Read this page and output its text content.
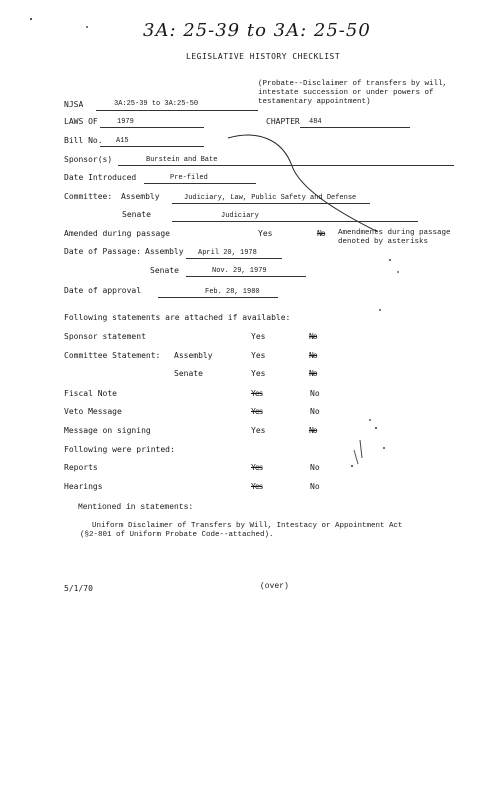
3A: 25-39 to 3A: 25-50
LEGISLATIVE HISTORY CHECKLIST
(Probate--Disclaimer of transfers by will, intestate succession or under powers of testamentary appointment)
NJSA	3A:25-39 to 3A:25-50
LAWS OF	1979	CHAPTER 484
Bill No. A15
Sponsor(s)	Burstein and Bate
Date Introduced	Pre-filed
Committee: Assembly	Judiciary, Law, Public Safety and Defense
Senate	Judiciary
Amended during passage	Yes	No Amendments during passage denoted by asterisks
Date of Passage: Assembly April 20, 1978
Senate	Nov. 29, 1979
Date of approval	Feb. 28, 1980
Following statements are attached if available:
Sponsor statement	Yes	No
Committee Statement: Assembly	Yes	No
Senate	Yes	No
Fiscal Note	Yes	No
Veto Message	Yes	No
Message on signing	Yes	No
Following were printed:
Reports	Yes	No
Hearings	Yes	No
Mentioned in statements:
Uniform Disclaimer of Transfers by Will, Intestacy or Appointment Act (§2-801 of Uniform Probate Code--attached).
5/1/70	(over)
